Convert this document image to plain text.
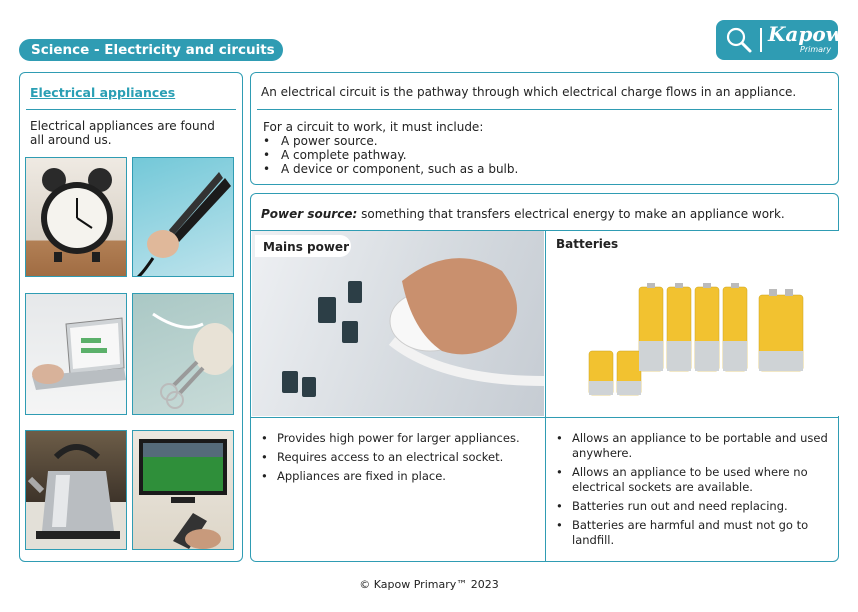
Science - Electricity and circuits
Kapow
Primary
Electrical appliances
Electrical appliances are found all around us.
An electrical circuit is the pathway through which electrical charge flows in an appliance.
For a circuit to work, it must include:
• A power source.
• A complete pathway.
• A device or component, such as a bulb.
Power source: something that transfers electrical energy to make an appliance work.
Mains power	Batteries
• Provides high power for larger appliances.
• Requires access to an electrical socket.
• Appliances are fixed in place.
• Allows an appliance to be portable and used anywhere.
• Allows an appliance to be used where no electrical sockets are available.
• Batteries run out and need replacing.
• Batteries are harmful and must not go to landfill.
© Kapow Primary™ 2023
